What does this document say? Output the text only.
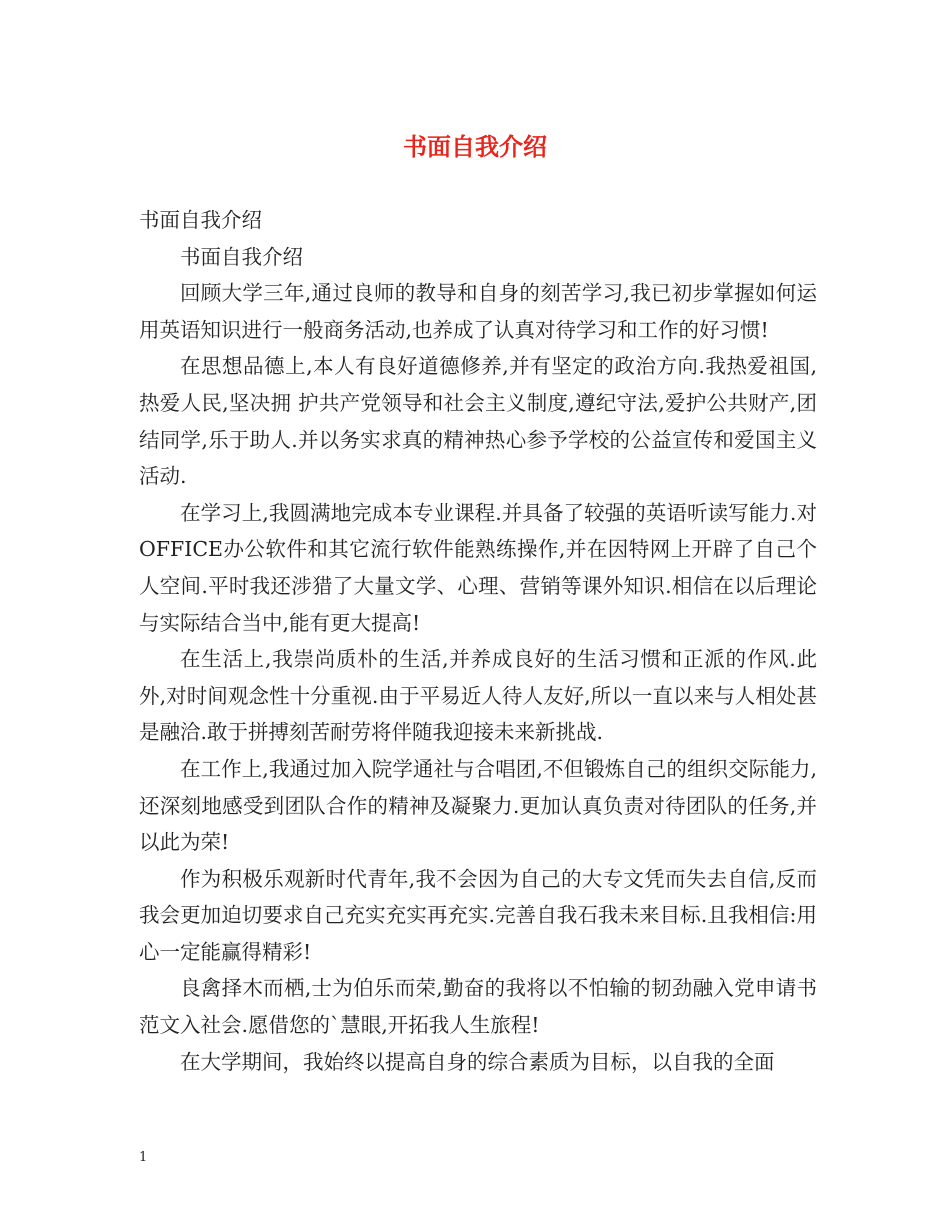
书面自我介绍

书面自我介绍

书面自我介绍

回顾大学三年,通过良师的教导和自身的刻苦学习,我已初步掌握如何运用英语知识进行一般商务活动,也养成了认真对待学习和工作的好习惯!

在思想品德上,本人有良好道德修养,并有坚定的政治方向.我热爱祖国,热爱人民,坚决拥 护共产党领导和社会主义制度,遵纪守法,爱护公共财产,团结同学,乐于助人.并以务实求真的精神热心参予学校的公益宣传和爱国主义活动.

在学习上,我圆满地完成本专业课程.并具备了较强的英语听读写能力.对OFFICE办公软件和其它流行软件能熟练操作,并在因特网上开辟了自己个人空间.平时我还涉猎了大量文学、心理、营销等课外知识.相信在以后理论与实际结合当中,能有更大提高!

在生活上,我崇尚质朴的生活,并养成良好的生活习惯和正派的作风.此外,对时间观念性十分重视.由于平易近人待人友好,所以一直以来与人相处甚是融洽.敢于拼搏刻苦耐劳将伴随我迎接未来新挑战.

在工作上,我通过加入院学通社与合唱团,不但锻炼自己的组织交际能力,还深刻地感受到团队合作的精神及凝聚力.更加认真负责对待团队的任务,并以此为荣!

作为积极乐观新时代青年,我不会因为自己的大专文凭而失去自信,反而我会更加迫切要求自己充实充实再充实.完善自我石我未来目标.且我相信:用心一定能赢得精彩!

良禽择木而栖,士为伯乐而荣,勤奋的我将以不怕输的韧劲融入党申请书范文入社会.愿借您的`慧眼,开拓我人生旅程!

在大学期间，我始终以提高自身的综合素质为目标，以自我的全面

1
